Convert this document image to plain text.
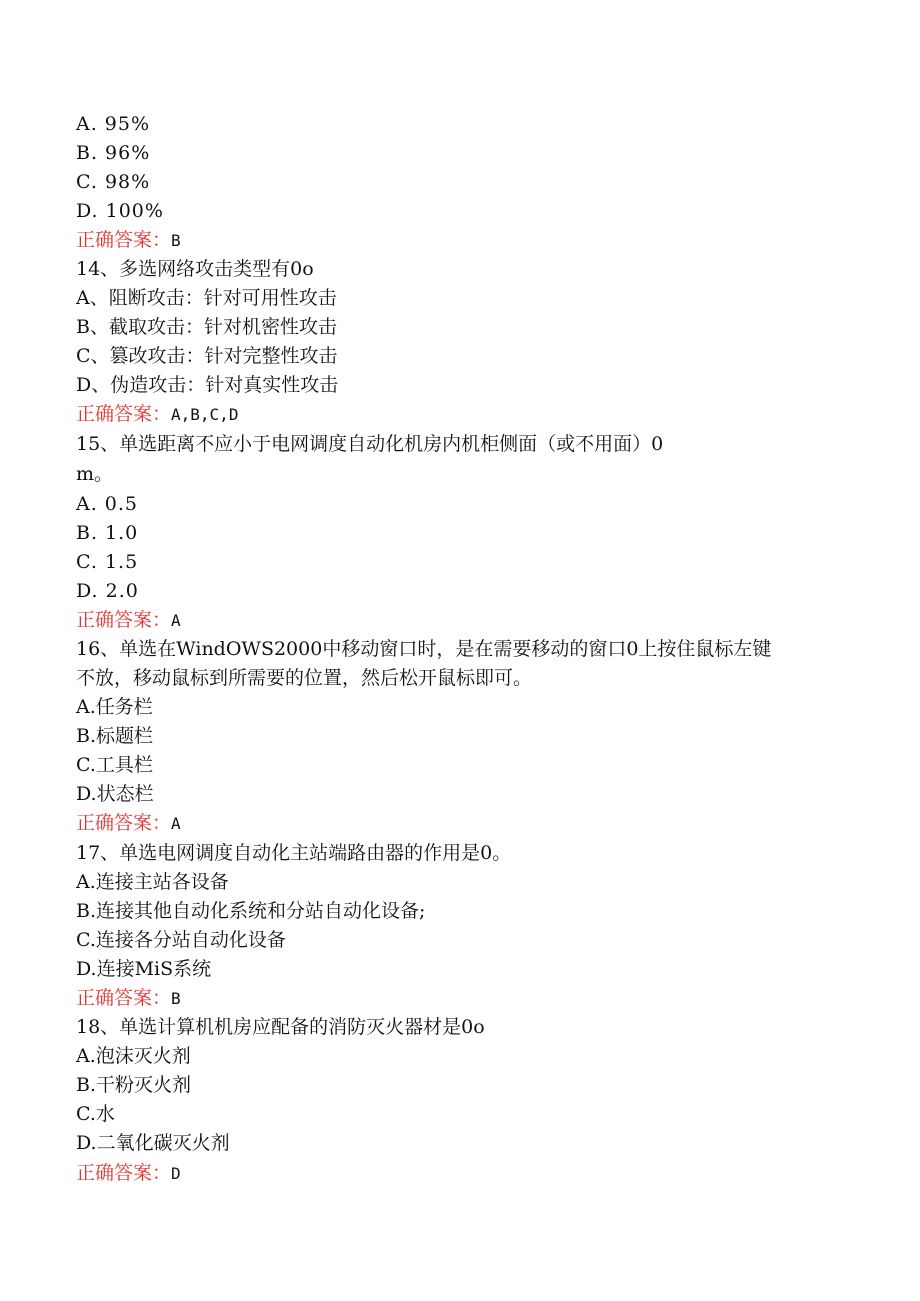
A. 95%
B. 96%
C. 98%
D. 100%
正确答案：B
14、多选网络攻击类型有0o
A、阻断攻击：针对可用性攻击
B、截取攻击：针对机密性攻击
C、篡改攻击：针对完整性攻击
D、伪造攻击：针对真实性攻击
正确答案：A,B,C,D
15、单选距离不应小于电网调度自动化机房内机柜侧面（或不用面）0
m。
A. 0.5
B. 1.0
C. 1.5
D. 2.0
正确答案：A
16、单选在WindOWS2000中移动窗口时，是在需要移动的窗口0上按住鼠标左键
不放，移动鼠标到所需要的位置，然后松开鼠标即可。
A.任务栏
B.标题栏
C.工具栏
D.状态栏
正确答案：A
17、单选电网调度自动化主站端路由器的作用是0。
A.连接主站各设备
B.连接其他自动化系统和分站自动化设备;
C.连接各分站自动化设备
D.连接MiS系统
正确答案：B
18、单选计算机机房应配备的消防灭火器材是0o
A.泡沫灭火剂
B.干粉灭火剂
C.水
D.二氧化碳灭火剂
正确答案：D
